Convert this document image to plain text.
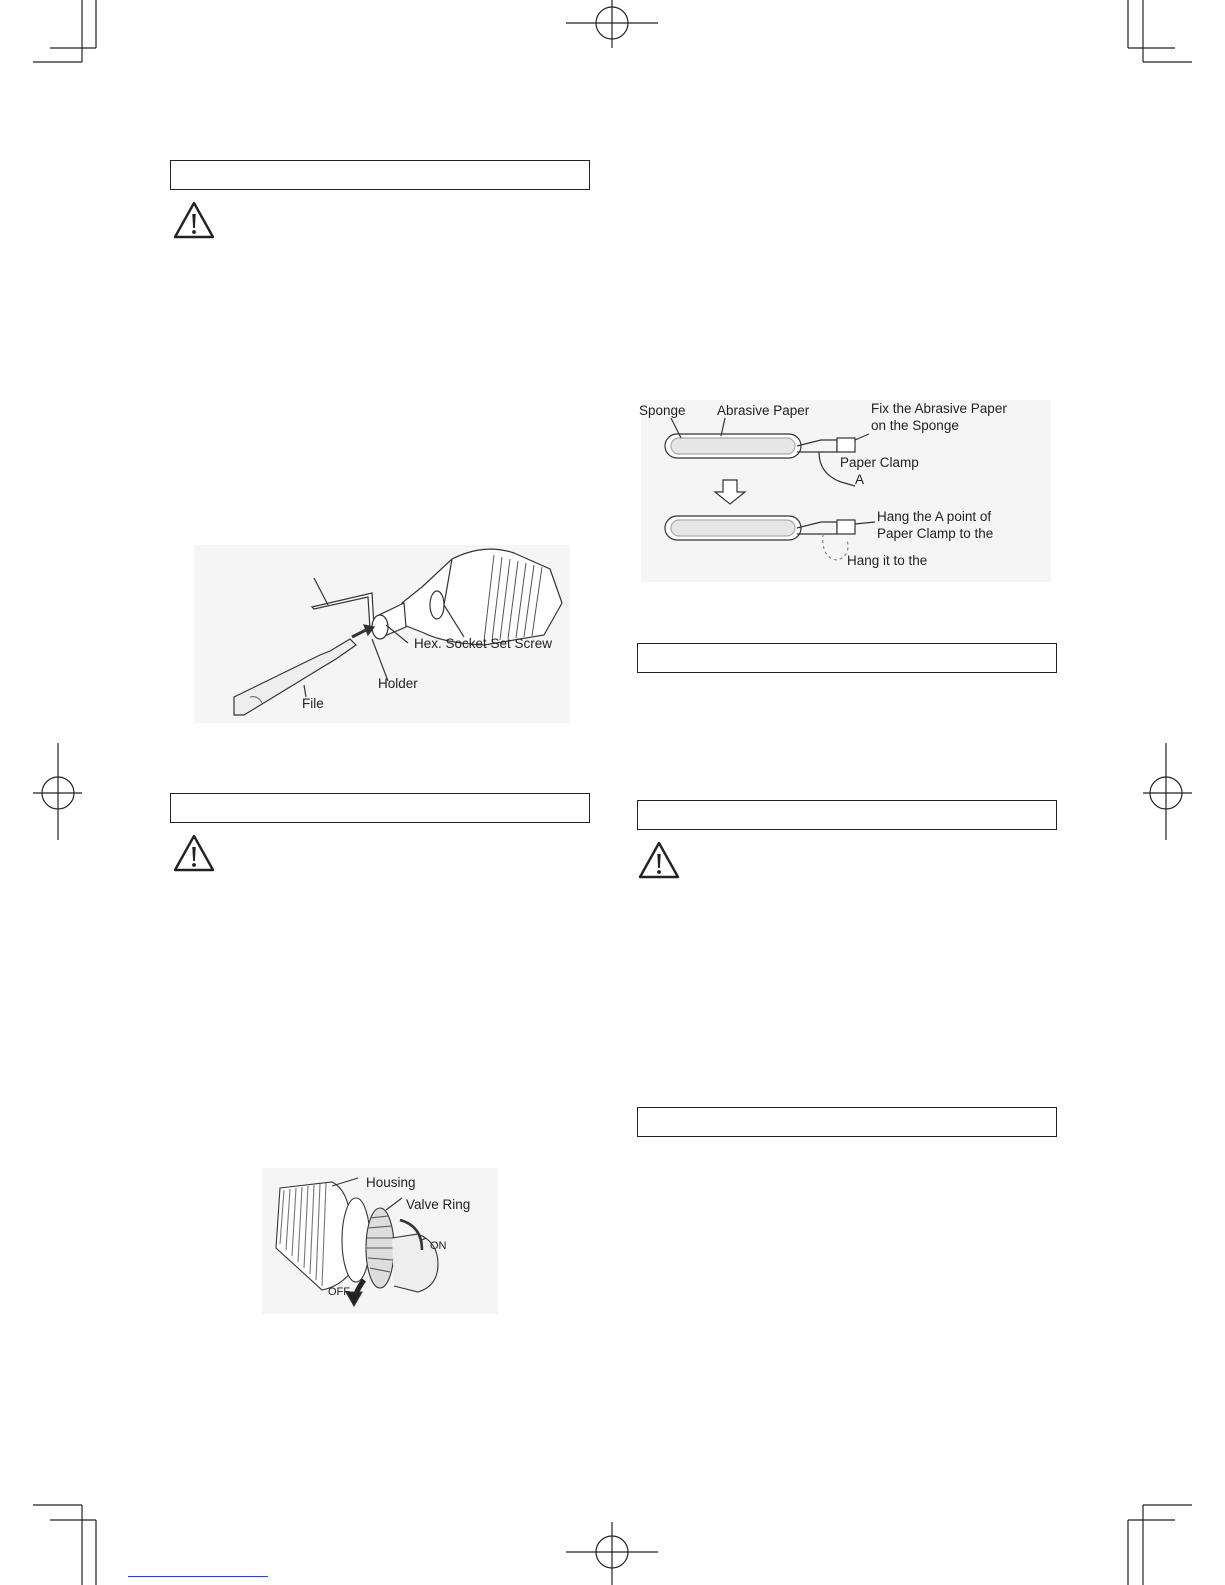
Hex. Socket Set Screw
Holder
File
Housing
Valve Ring
ON
OFF
Sponge Abrasive Paper	Fix the Abrasive Paper
on the Sponge
Paper Clamp
A
Hang the A point of
Paper Clamp to the
Hang it to the
